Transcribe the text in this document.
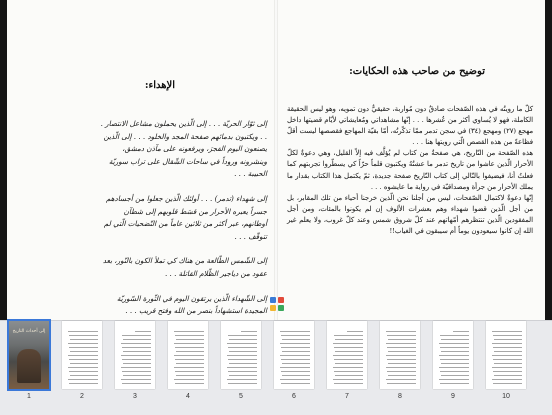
الإهداء:

إلى ثوّار الحريّة . . . إلى الّذين يحملون مشاعل الانتصار . . . ويكتبون بدمائهم صفحة المجد والخلود . . . إلى الّذين يصنعون اليوم الفجرَ، ويرفعونه على مآذن دمشق، وينشرونه وروداً في ساحات الشّقال على تراب سوريّة الحبيبة . . .

إلى شهداء (تدمر) . . . أولئك الّذين جعلوا من أجسادهم جسراً يعبره الأحرار من قسَط قلوبهم إلى شطآن أوطانهم، عبر أكثر من ثلاثين عاماً من التّضحيات الّتي لم تتوقّف . . .

إلى الشّمس الطّالعة من هناك كي تملأ الكون بالنّور، بعد عقود من دياجير الظّلام القاتلة . . .

إلى الشّهداء الّذين يرتقون اليوم في الثّورة السّوريّة المجيدة استشهاداً بنصر من الله وفتح قريب . . .

توضيح من صاحب هذه الحكايات:

كلّ ما رويتُه في هذه الصّفحات صادقٌ دون مُواربة، حقيقيٌّ دون تمويه، وهو ليس الحقيقة الكاملة، فهو لا يُساوي أكثر من عُشرها . . . إنّها مشاهداتي ومُعايشاتي لأيّام قضيتها داخل مهجع (٢٧) ومهجع (٣٤) في سجن تدمر ممّا تذكّرتُه، أمّا بقيّة المهاجع فقصصها ليست أقلّ فظاعةً من هذه القصص الّتي رويتها هنا . . .

هذه الصّفحة من التّاريخ، هي صفحةٌ من كتاب لم يُؤلَّف فيه إلاّ القليل، وهي دعوةٌ لكلّ الأحرار الّذين عاشوا من تاريخ تدمر ما عشتُهُ ويكتبون قلماً حرّاً كي يسطّروا تجربتهم كما فعلتُ أنا، فيضيفوا بالتّالي إلى كتاب التّاريخ صفحة جديدة، ثمّ يكتمل هذا الكتاب بقدار ما يملك الأحرار من جرأة ومصداقيّة في رواية ما عايشوه . . .

إنّها دعوةٌ لاكتمال الصّفحات، ليس من أجلنا نحن الّذين خرجنا أحياء من تلك المقابر، بل من أجل الّذين قضوا شهداء وهم بعشرات الألوف إن لم يكونوا بالمئات، ومن أجل المفقودين الّذين تنتظرهم أمّهاتهم عند كلّ شروق شمس وعند كلّ غروب، ولا يعلم غير الله إن كانوا سيعودون يوماً أم سيبقون في الغياب!!

إلى أحداث التاريخ
1	2	3	4	5	6	7	8	9	10
